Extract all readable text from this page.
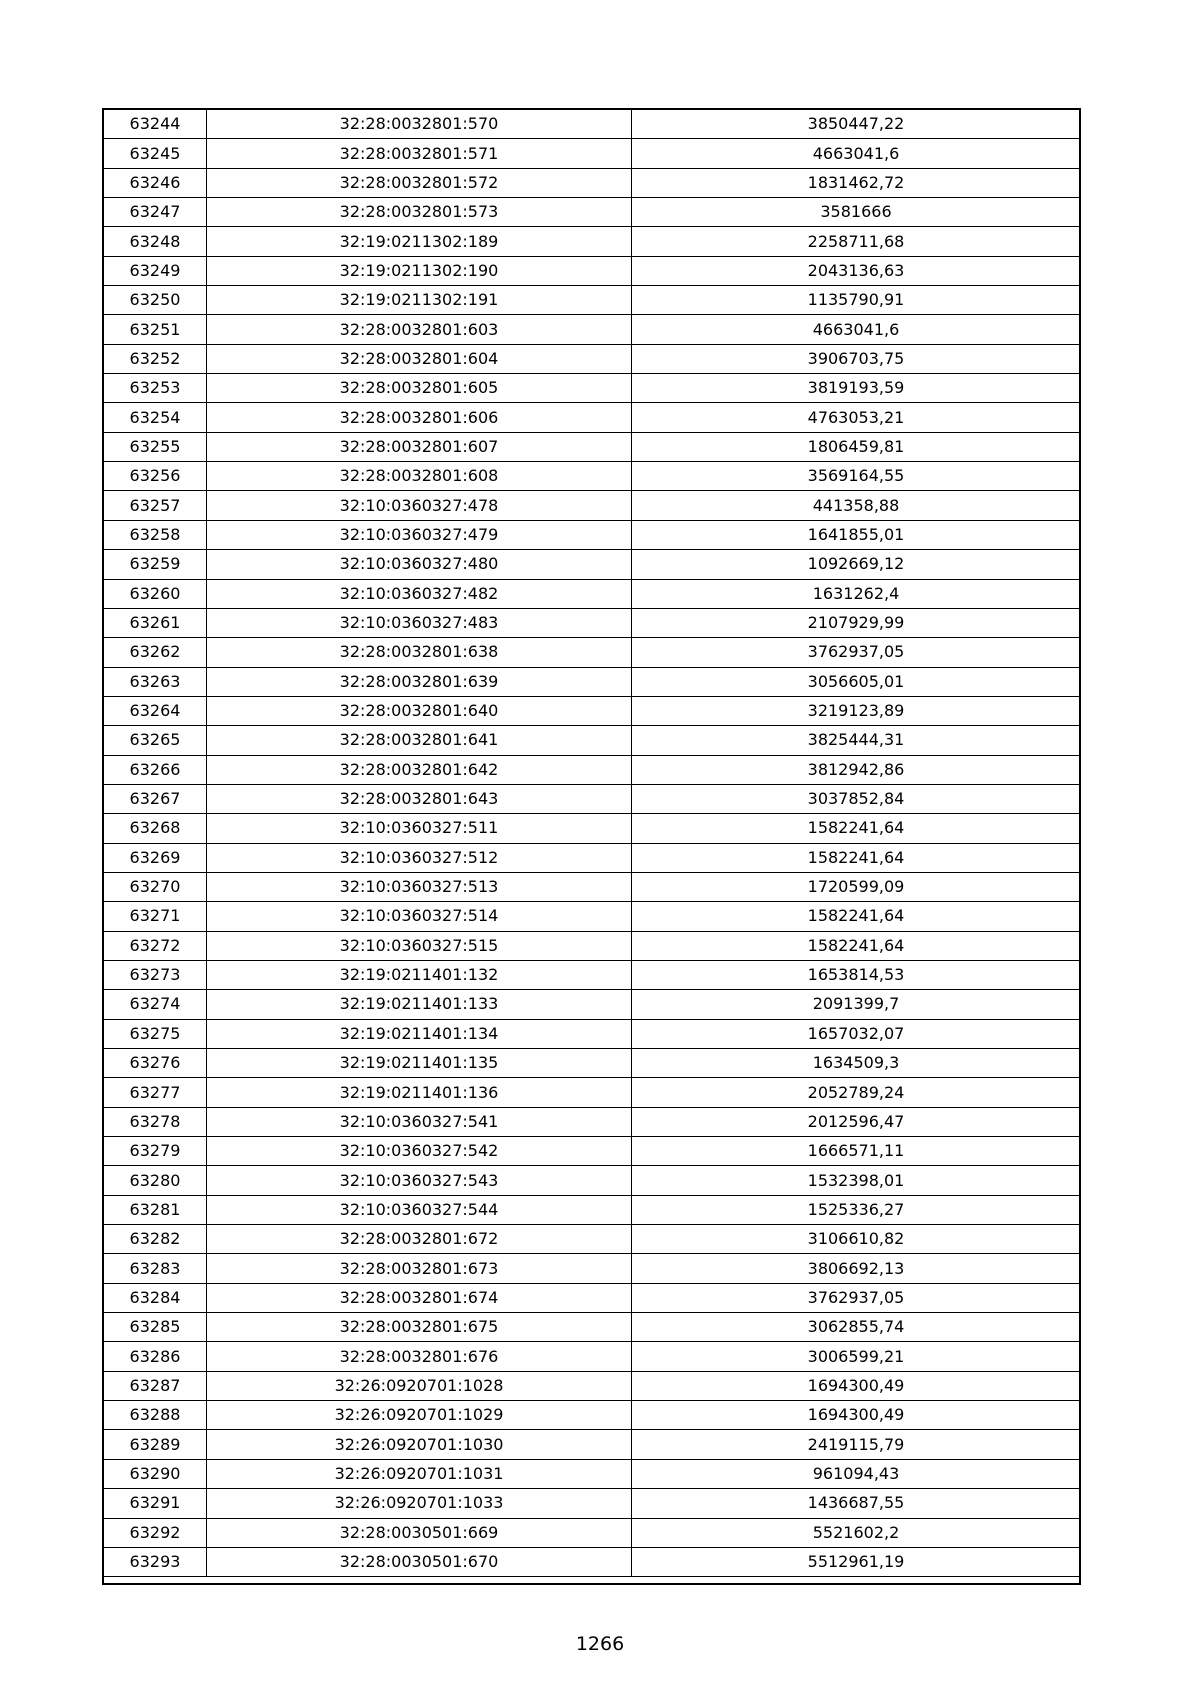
63244	32:28:0032801:570	3850447,22
63245	32:28:0032801:571	4663041,6
63246	32:28:0032801:572	1831462,72
63247	32:28:0032801:573	3581666
63248	32:19:0211302:189	2258711,68
63249	32:19:0211302:190	2043136,63
63250	32:19:0211302:191	1135790,91
63251	32:28:0032801:603	4663041,6
63252	32:28:0032801:604	3906703,75
63253	32:28:0032801:605	3819193,59
63254	32:28:0032801:606	4763053,21
63255	32:28:0032801:607	1806459,81
63256	32:28:0032801:608	3569164,55
63257	32:10:0360327:478	441358,88
63258	32:10:0360327:479	1641855,01
63259	32:10:0360327:480	1092669,12
63260	32:10:0360327:482	1631262,4
63261	32:10:0360327:483	2107929,99
63262	32:28:0032801:638	3762937,05
63263	32:28:0032801:639	3056605,01
63264	32:28:0032801:640	3219123,89
63265	32:28:0032801:641	3825444,31
63266	32:28:0032801:642	3812942,86
63267	32:28:0032801:643	3037852,84
63268	32:10:0360327:511	1582241,64
63269	32:10:0360327:512	1582241,64
63270	32:10:0360327:513	1720599,09
63271	32:10:0360327:514	1582241,64
63272	32:10:0360327:515	1582241,64
63273	32:19:0211401:132	1653814,53
63274	32:19:0211401:133	2091399,7
63275	32:19:0211401:134	1657032,07
63276	32:19:0211401:135	1634509,3
63277	32:19:0211401:136	2052789,24
63278	32:10:0360327:541	2012596,47
63279	32:10:0360327:542	1666571,11
63280	32:10:0360327:543	1532398,01
63281	32:10:0360327:544	1525336,27
63282	32:28:0032801:672	3106610,82
63283	32:28:0032801:673	3806692,13
63284	32:28:0032801:674	3762937,05
63285	32:28:0032801:675	3062855,74
63286	32:28:0032801:676	3006599,21
63287	32:26:0920701:1028	1694300,49
63288	32:26:0920701:1029	1694300,49
63289	32:26:0920701:1030	2419115,79
63290	32:26:0920701:1031	961094,43
63291	32:26:0920701:1033	1436687,55
63292	32:28:0030501:669	5521602,2
63293	32:28:0030501:670	5512961,19
1266
